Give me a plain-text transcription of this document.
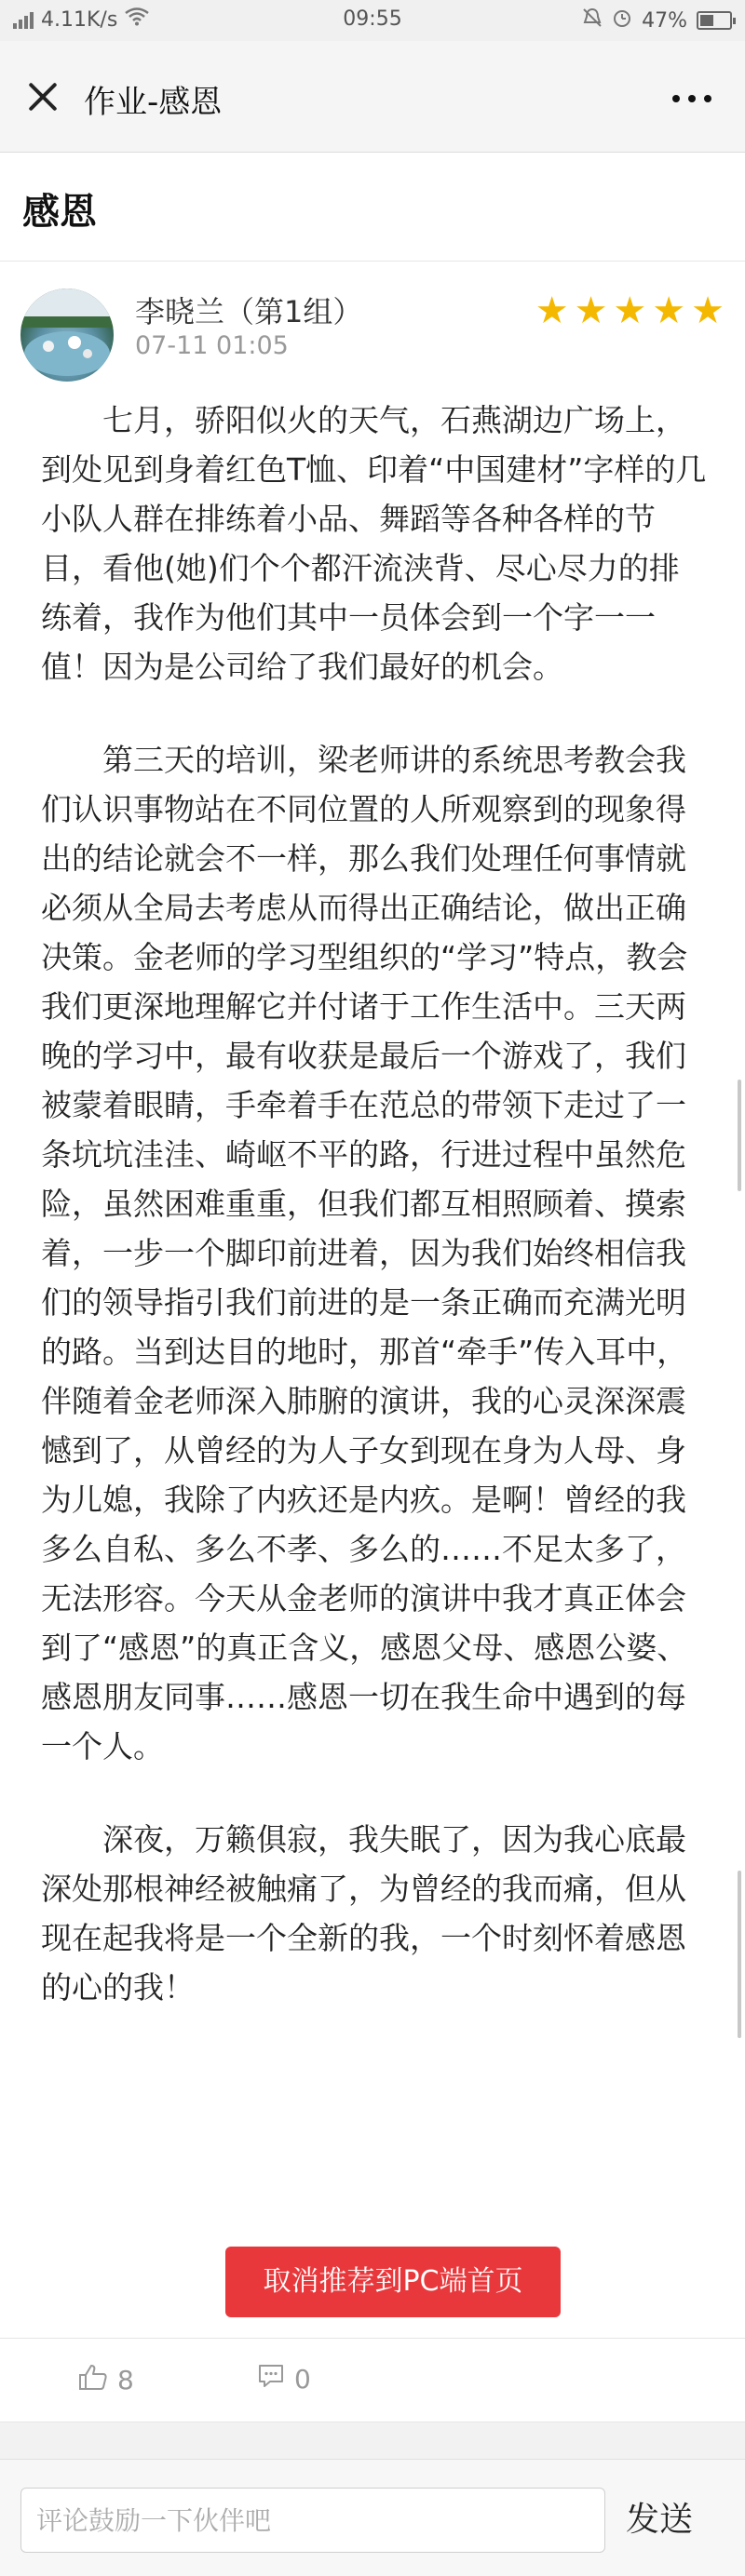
4.11K/s	09:55	47%
作业-感恩
感恩
李晓兰（第1组）
07-11 01:05
★ ★ ★ ★ ★

七月，骄阳似火的天气，石燕湖边广场上，到处见到身着红色T恤、印着“中国建材”字样的几小队人群在排练着小品、舞蹈等各种各样的节目，看他(她)们个个都汗流浃背、尽心尽力的排练着，我作为他们其中一员体会到一个字一一值！因为是公司给了我们最好的机会。

第三天的培训，梁老师讲的系统思考教会我们认识事物站在不同位置的人所观察到的现象得出的结论就会不一样，那么我们处理任何事情就必须从全局去考虑从而得出正确结论，做出正确决策。金老师的学习型组织的“学习”特点，教会我们更深地理解它并付诸于工作生活中。三天两晚的学习中，最有收获是最后一个游戏了，我们被蒙着眼睛，手牵着手在范总的带领下走过了一条坑坑洼洼、崎岖不平的路，行进过程中虽然危险，虽然困难重重，但我们都互相照顾着、摸索着，一步一个脚印前进着，因为我们始终相信我们的领导指引我们前进的是一条正确而充满光明的路。当到达目的地时，那首“牵手”传入耳中，伴随着金老师深入肺腑的演讲，我的心灵深深震憾到了，从曾经的为人子女到现在身为人母、身为儿媳，我除了内疚还是内疚。是啊！曾经的我多么自私、多么不孝、多么的……不足太多了，无法形容。今天从金老师的演讲中我才真正体会到了“感恩”的真正含义，感恩父母、感恩公婆、感恩朋友同事……感恩一切在我生命中遇到的每一个人。

深夜，万籁俱寂，我失眠了，因为我心底最深处那根神经被触痛了，为曾经的我而痛，但从现在起我将是一个全新的我，一个时刻怀着感恩的心的我！

取消推荐到PC端首页
8	0
评论鼓励一下伙伴吧
发送
